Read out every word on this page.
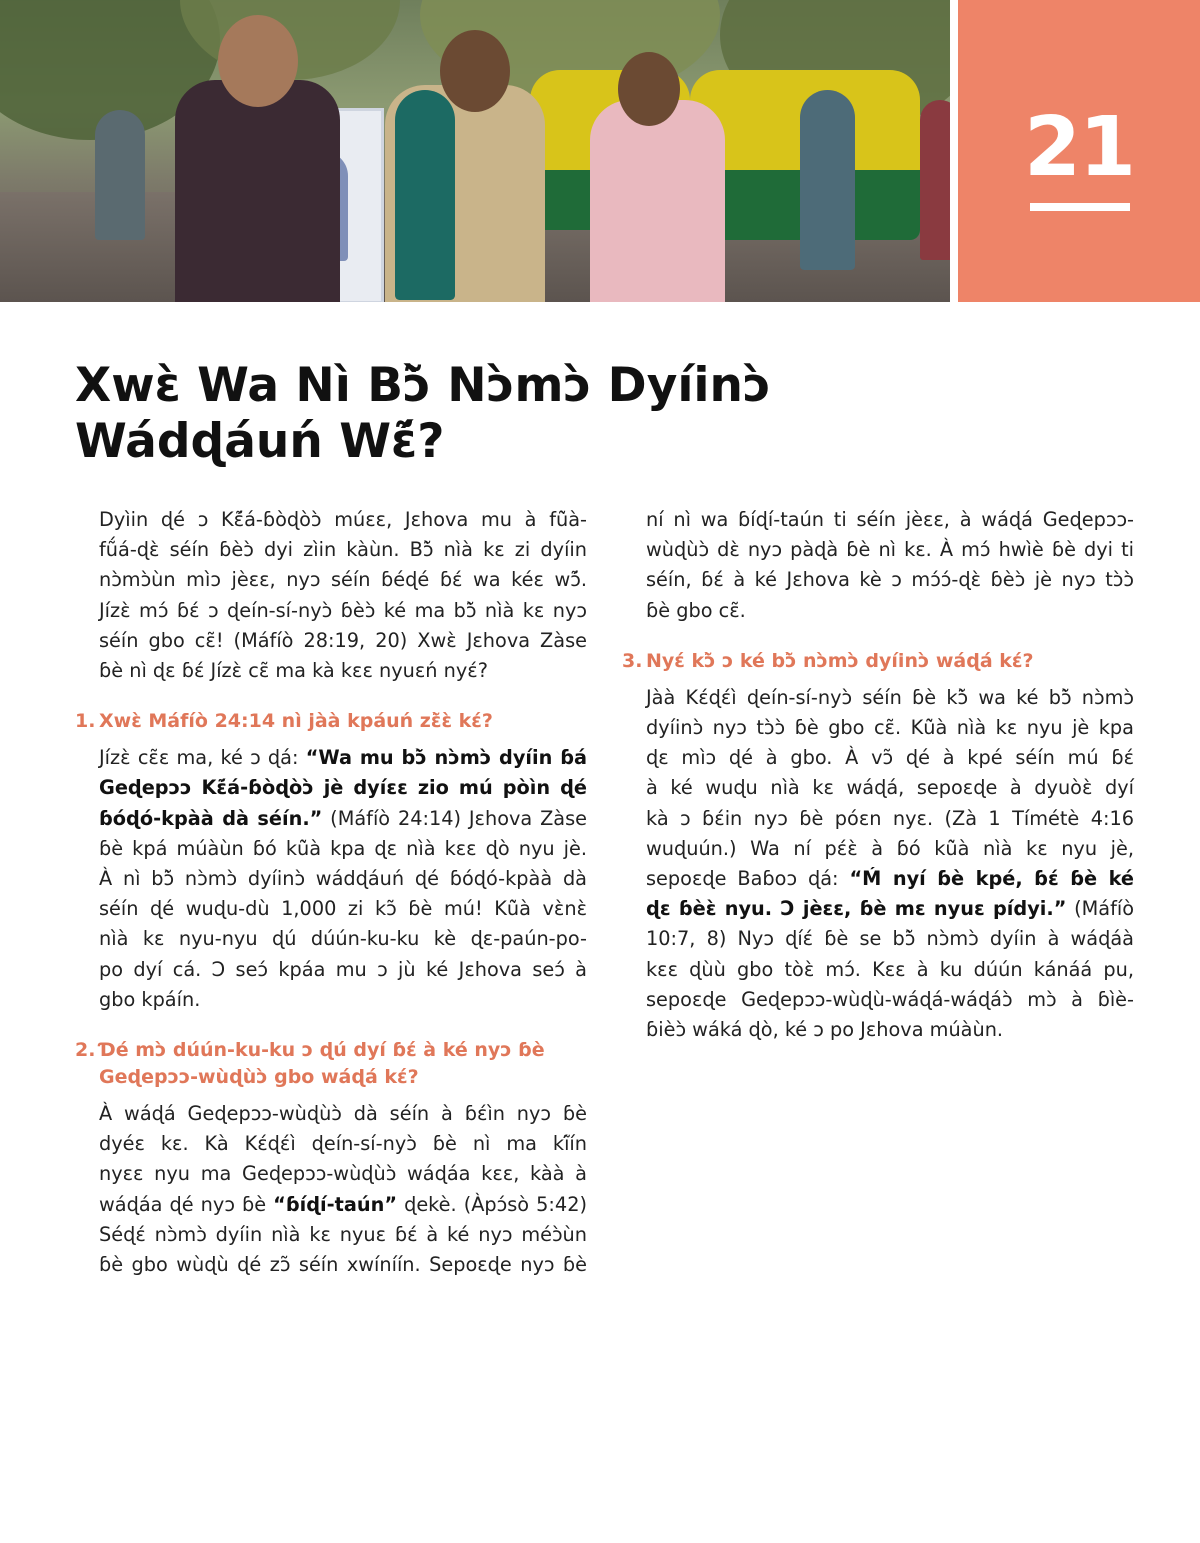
21
Xwɛ̀ Wa Nì Bɔ̃̀ Nɔ̀mɔ̀ Dyíinɔ̀
Wádɖáuń Wɛ̃́?
Dyìin ɖé ɔ Kɛ̃́á-ɓòɖòɔ̀ múɛɛ, Jɛhova mu à fũ̀à-
fṹá-ɖɛ̀ séín ɓèɔ̀ dyi zìin kàùn. Bɔ̃̀ nìà kɛ zi dyíin
nɔ̀mɔ̀ùn mìɔ jèɛɛ, nyɔ séín ɓéɖé ɓɛ́ wa kéɛ wɔ̃́.
Jízɛ̀ mɔ́ ɓɛ́ ɔ ɖeín-sí-nyɔ̀ ɓèɔ̀ ké ma bɔ̃̀ nìà kɛ nyɔ
séín gbo cɛ̃! (Máfíò 28:19, 20) Xwɛ̀ Jɛhova Zàse
ɓè nì ɖɛ ɓɛ́ Jízɛ̀ cɛ̃ ma kà kɛɛ nyuɛń nyɛ́?
1. Xwɛ̀ Máfíò 24:14 nì jàà kpáuń zɛ̃̀ɛ̀ kɛ́?
Jízɛ̀ cɛ̃ɛ ma, ké ɔ ɖá: “Wa mu bɔ̃̀ nɔ̀mɔ̀ dyíin ɓá
Geɖepɔɔ Kɛ̃́á-ɓòɖòɔ̀ jè dyíɛɛ zio mú pòìn ɖé
ɓóɖó-kpàà dà séín.” (Máfíò 24:14) Jɛhova Zàse
ɓè kpá múàùn ɓó kũ̀à kpa ɖɛ nìà kɛɛ ɖò nyu jè.
À nì bɔ̃̀ nɔ̀mɔ̀ dyíinɔ̀ wádɖáuń ɖé ɓóɖó-kpàà dà
séín ɖé wuɖu-dù 1,000 zi kɔ̃ ɓè mú! Kũ̀à vɛ̀nɛ̀
nìà kɛ nyu-nyu ɖú dúún-ku-ku kè ɖɛ-paún-po-
po dyí cá. Ɔ seɔ́ kpáa mu ɔ jù ké Jɛhova seɔ́ à
gbo kpáín.
2. Ɗé mɔ̀ dúún-ku-ku ɔ ɖú dyí ɓɛ́ à ké nyɔ ɓè
Geɖepɔɔ-wùɖùɔ̀ gbo wáɖá kɛ́?
À wáɖá Geɖepɔɔ-wùɖùɔ̀ dà séín à ɓɛ́ìn nyɔ ɓè
dyéɛ kɛ. Kà Kɛ́ɖɛ́ì ɖeín-sí-nyɔ̀ ɓè nì ma kĩ́ín
nyɛɛ nyu ma Geɖepɔɔ-wùɖùɔ̀ wáɖáa kɛɛ, kàà à
wáɖáa ɖé nyɔ ɓè “ɓíɖí-taún” ɖekè. (Àpɔ́sò 5:42)
Séɖɛ́ nɔ̀mɔ̀ dyíin nìà kɛ nyuɛ ɓɛ́ à ké nyɔ méɔ̀ùn
ɓè gbo wùɖù ɖé zɔ̃ séín xwíníín. Sepoɛɖe nyɔ ɓè
ní nì wa ɓíɖí-taún ti séín jèɛɛ, à wáɖá Geɖepɔɔ-
wùɖùɔ̀ dɛ̀ nyɔ pàɖà ɓè nì kɛ. À mɔ́ hwìè ɓè dyi ti
séín, ɓɛ́ à ké Jɛhova kè ɔ mɔ́ɔ́-ɖɛ̀ ɓèɔ̀ jè nyɔ tɔ̀ɔ̀
ɓè gbo cɛ̃.
3. Nyɛ́ kɔ̃̀ ɔ ké bɔ̃̀ nɔ̀mɔ̀ dyíinɔ̀ wáɖá kɛ́?
Jàà Kɛ́ɖɛ́ì ɖeín-sí-nyɔ̀ séín ɓè kɔ̃̀ wa ké bɔ̃̀ nɔ̀mɔ̀
dyíinɔ̀ nyɔ tɔ̀ɔ̀ ɓè gbo cɛ̃. Kũ̀à nìà kɛ nyu jè kpa
ɖɛ mìɔ ɖé à gbo. À vɔ̃ ɖé à kpé séín mú ɓɛ́
à ké wuɖu nìà kɛ wáɖá, sepoɛɖe à dyuòɛ̀ dyí
kà ɔ ɓɛ́in nyɔ ɓè póɛn nyɛ. (Zà 1 Tímétè 4:16
wuɖuún.) Wa ní pɛ́ɛ̀ à ɓó kũ̀à nìà kɛ nyu jè,
sepoɛɖe Baɓoɔ ɖá: “Ḿ nyí ɓè kpé, ɓɛ́ ɓè ké
ɖɛ ɓèɛ̀ nyu. Ɔ jèɛɛ, ɓè mɛ nyuɛ pídyi.” (Máfíò
10:7, 8) Nyɔ ɖíɛ́ ɓè se bɔ̃̀ nɔ̀mɔ̀ dyíin à wáɖáà
kɛɛ ɖùù gbo tòɛ̀ mɔ́. Kɛɛ à ku dúún kánáá pu,
sepoɛɖe Geɖepɔɔ-wùɖù-wáɖá-wáɖáɔ̀ mɔ̀ à ɓìè-
ɓièɔ̀ wáká ɖò, ké ɔ po Jɛhova múàùn.
